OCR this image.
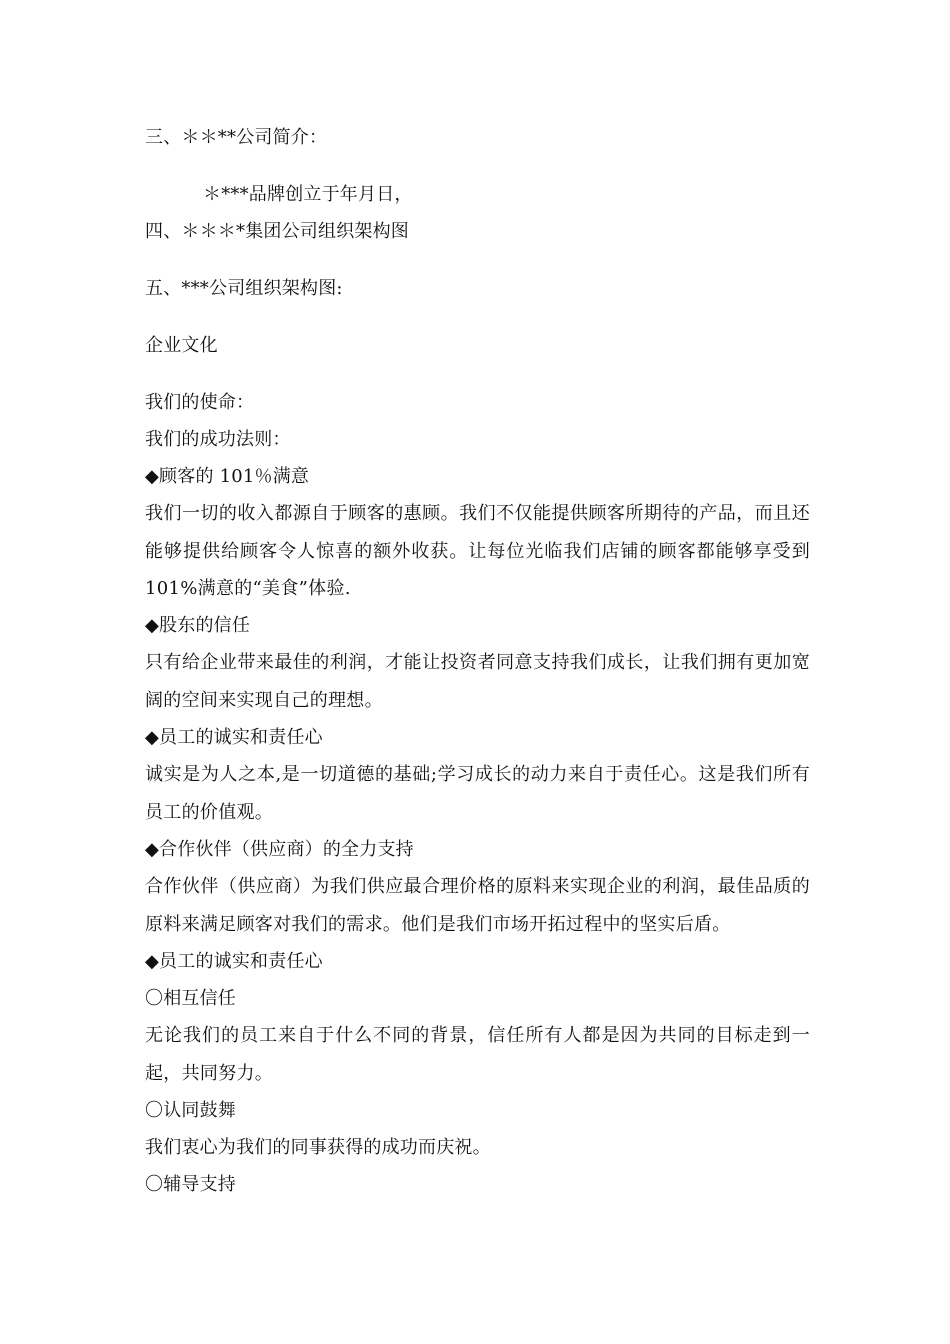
三、＊＊**公司简介：
＊***品牌创立于年月日，
四、＊＊＊*集团公司组织架构图
五、***公司组织架构图:
企业文化
我们的使命：
我们的成功法则：
◆顾客的 101％满意
我们一切的收入都源自于顾客的惠顾。我们不仅能提供顾客所期待的产品，而且还能够提供给顾客令人惊喜的额外收获。让每位光临我们店铺的顾客都能够享受到 101%满意的“美食”体验.
◆股东的信任
只有给企业带来最佳的利润，才能让投资者同意支持我们成长，让我们拥有更加宽阔的空间来实现自己的理想。
◆员工的诚实和责任心
诚实是为人之本,是一切道德的基础;学习成长的动力来自于责任心。这是我们所有员工的价值观。
◆合作伙伴（供应商）的全力支持
合作伙伴（供应商）为我们供应最合理价格的原料来实现企业的利润，最佳品质的原料来满足顾客对我们的需求。他们是我们市场开拓过程中的坚实后盾。
◆员工的诚实和责任心
〇相互信任
无论我们的员工来自于什么不同的背景，信任所有人都是因为共同的目标走到一起，共同努力。
〇认同鼓舞
我们衷心为我们的同事获得的成功而庆祝。
〇辅导支持
